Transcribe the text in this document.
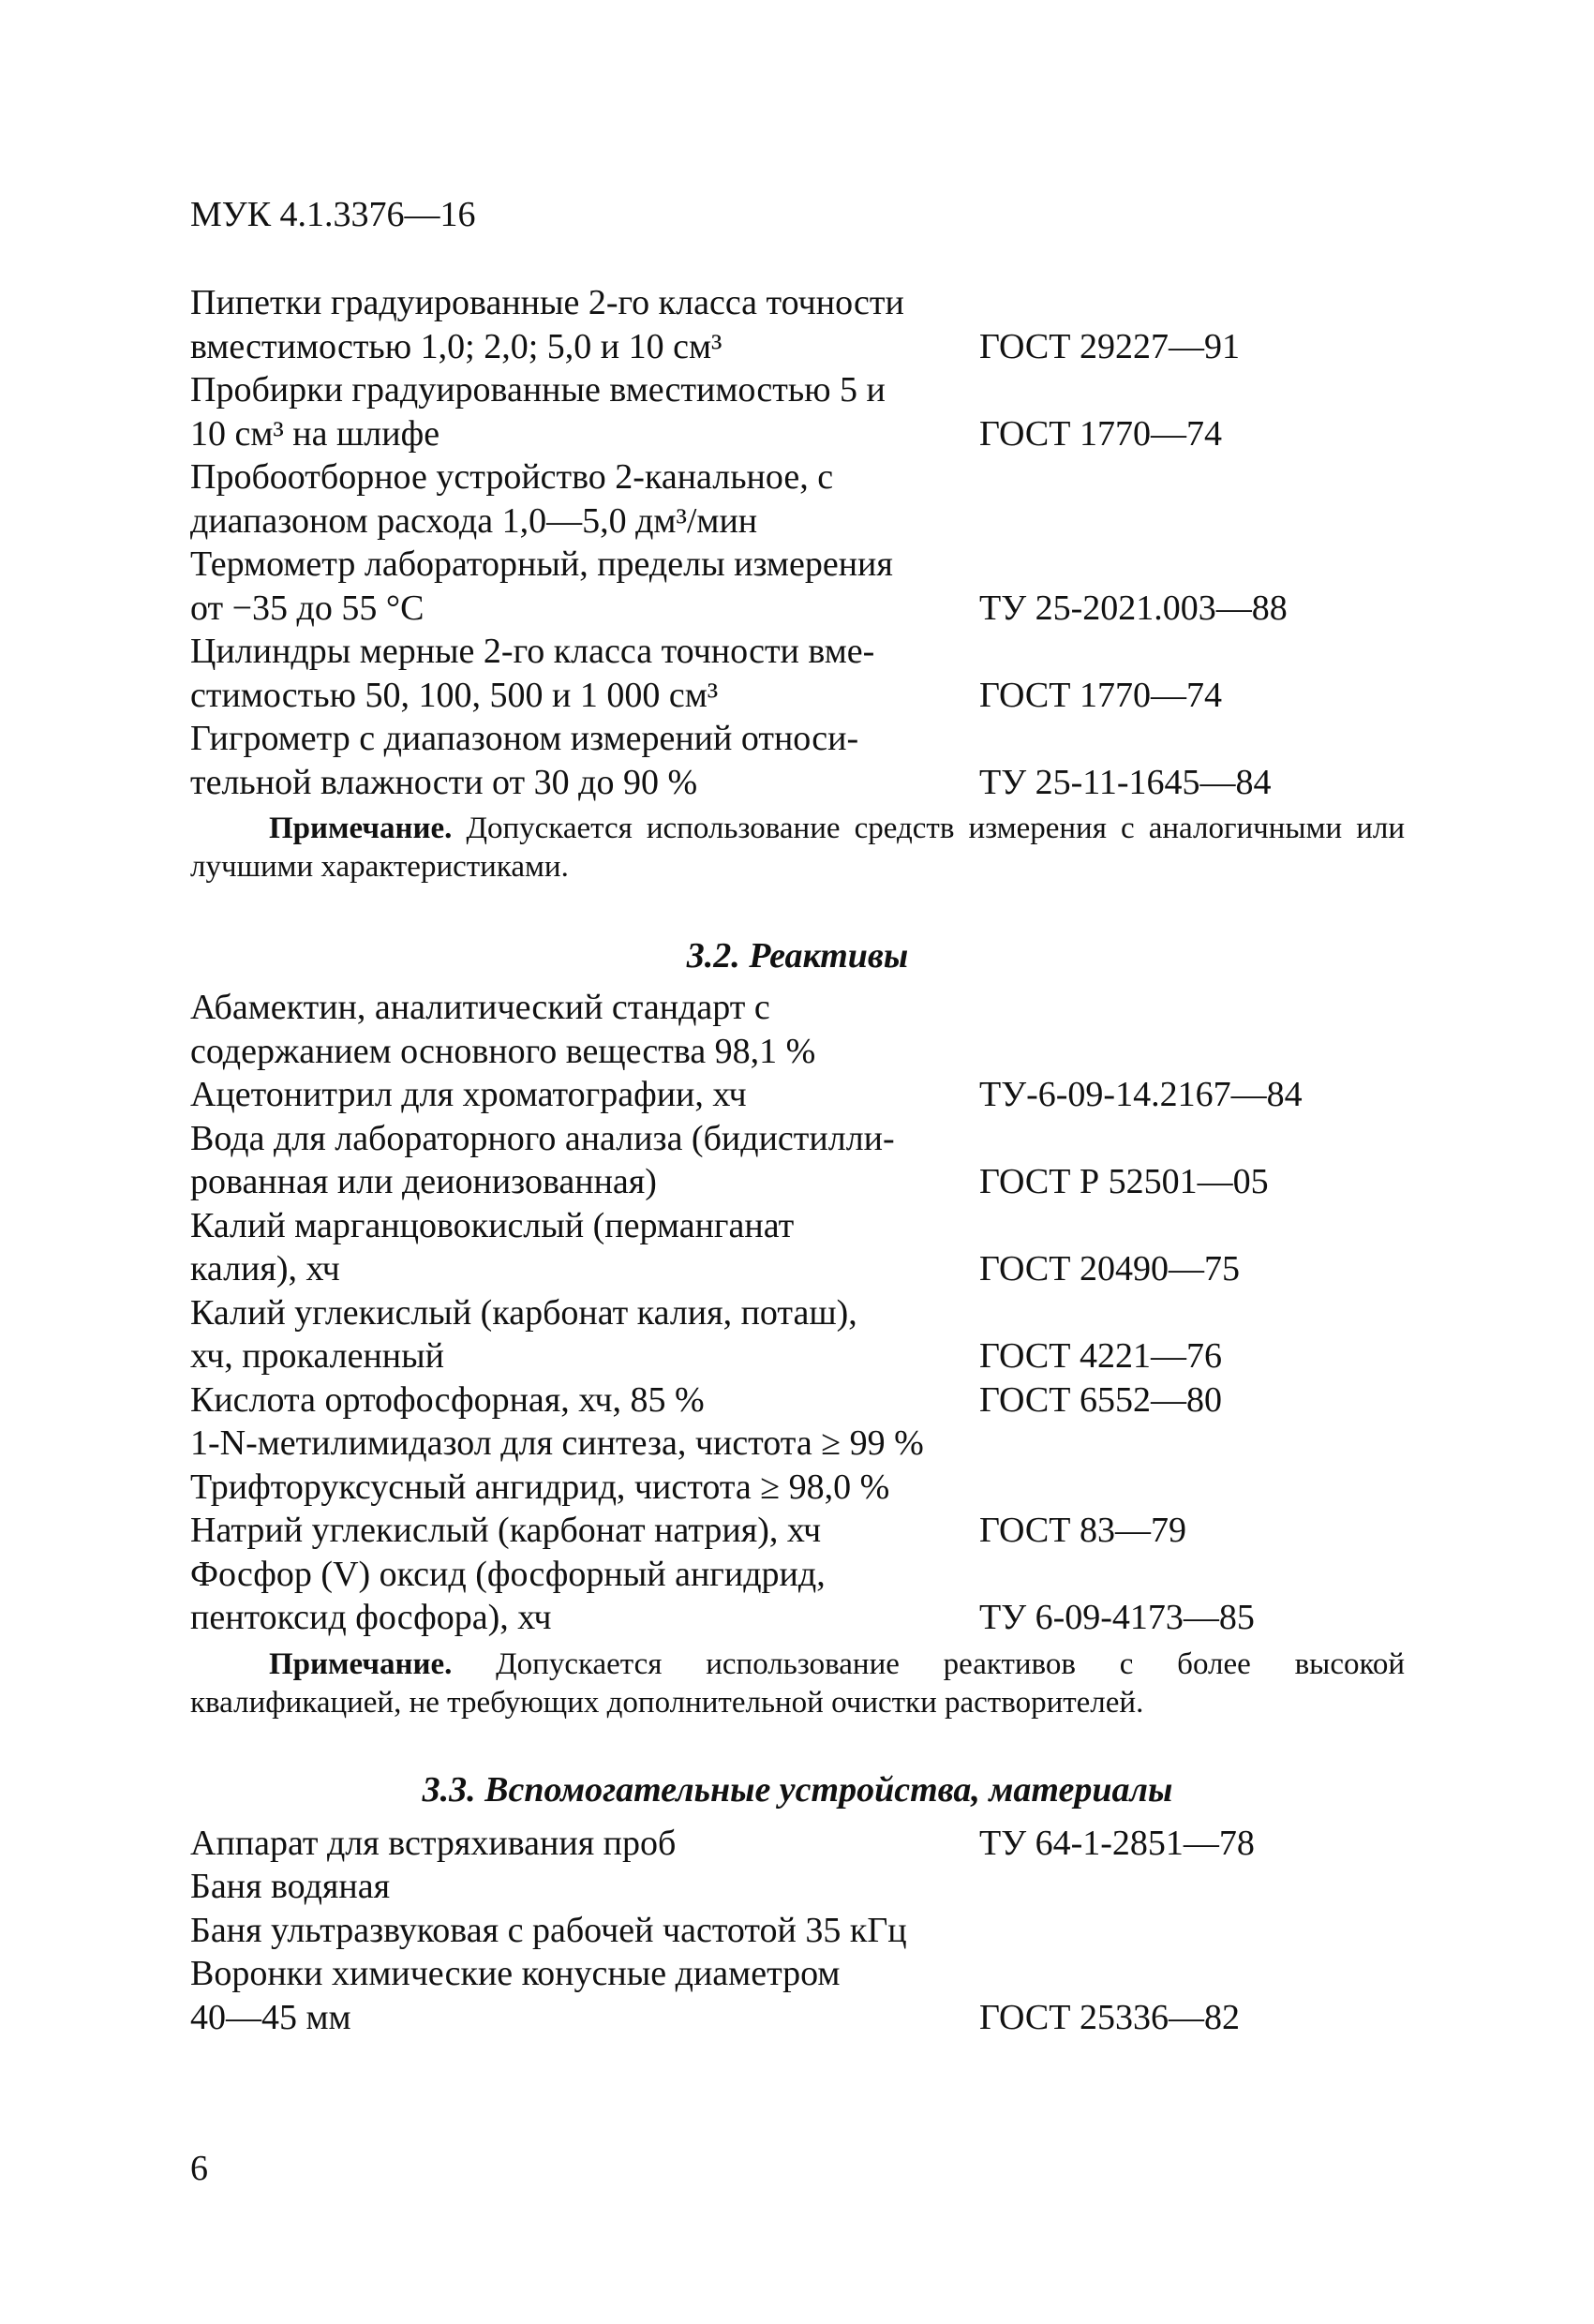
МУК 4.1.3376—16

Пипетки градуированные 2-го класса точности
вместимостью 1,0; 2,0; 5,0 и 10 см³	ГОСТ 29227—91
Пробирки градуированные вместимостью 5 и
10 см³ на шлифе	ГОСТ 1770—74
Пробоотборное устройство 2-канальное, с
диапазоном расхода 1,0—5,0 дм³/мин
Термометр лабораторный, пределы измерения
от −35 до 55 °С	ТУ 25-2021.003—88
Цилиндры мерные 2-го класса точности вме-
стимостью 50, 100, 500 и 1 000 см³	ГОСТ 1770—74
Гигрометр с диапазоном измерений относи-
тельной влажности от 30 до 90 %	ТУ 25-11-1645—84

Примечание. Допускается использование средств измерения с аналогичными или лучшими характеристиками.

3.2. Реактивы
Абамектин, аналитический стандарт с
содержанием основного вещества 98,1 %
Ацетонитрил для хроматографии, хч	ТУ-6-09-14.2167—84
Вода для лабораторного анализа (бидистилли-
рованная или деионизованная)	ГОСТ Р 52501—05
Калий марганцовокислый (перманганат
калия), хч	ГОСТ 20490—75
Калий углекислый (карбонат калия, поташ),
хч, прокаленный	ГОСТ 4221—76
Кислота ортофосфорная, хч, 85 %	ГОСТ 6552—80
1-N-метилимидазол для синтеза, чистота ≥ 99 %
Трифторуксусный ангидрид, чистота ≥ 98,0 %
Натрий углекислый (карбонат натрия), хч	ГОСТ 83—79
Фосфор (V) оксид (фосфорный ангидрид,
пентоксид фосфора), хч	ТУ 6-09-4173—85

Примечание. Допускается использование реактивов с более высокой квалификацией, не требующих дополнительной очистки растворителей.

3.3. Вспомогательные устройства, материалы
Аппарат для встряхивания проб	ТУ 64-1-2851—78
Баня водяная
Баня ультразвуковая с рабочей частотой 35 кГц
Воронки химические конусные диаметром
40—45 мм	ГОСТ 25336—82

6
